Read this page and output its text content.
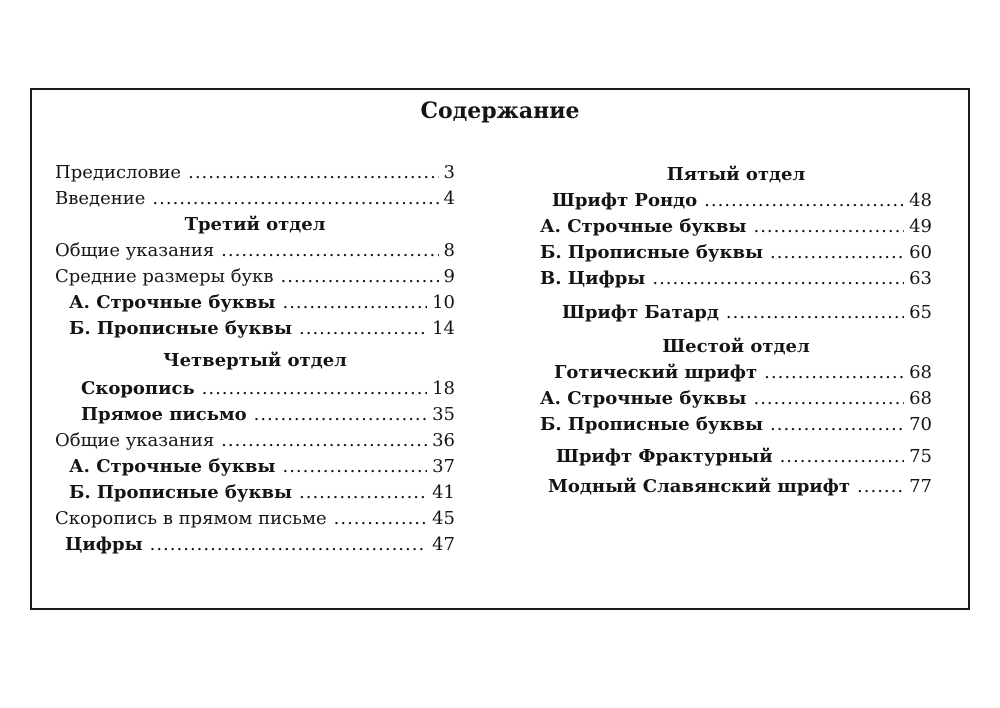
Содержание
Предисловие .....	3
Введение .....	4
Третий отдел
Общие указания .....	8
Средние размеры букв .....	9
А. Строчные буквы .....	10
Б. Прописные буквы .....	14
Четвертый отдел
Скоропись .....	18
Прямое письмо .....	35
Общие указания .....	36
А. Строчные буквы .....	37
Б. Прописные буквы .....	41
Скоропись в прямом письме .....	45
Цифры .....	47
Пятый отдел
Шрифт Рондо .....	48
А. Строчные буквы .....	49
Б. Прописные буквы .....	60
В. Цифры .....	63
Шрифт Батард .....	65
Шестой отдел
Готический шрифт .....	68
А. Строчные буквы .....	68
Б. Прописные буквы .....	70
Шрифт Фрактурный .....	75
Модный Славянский шрифт .....	77
